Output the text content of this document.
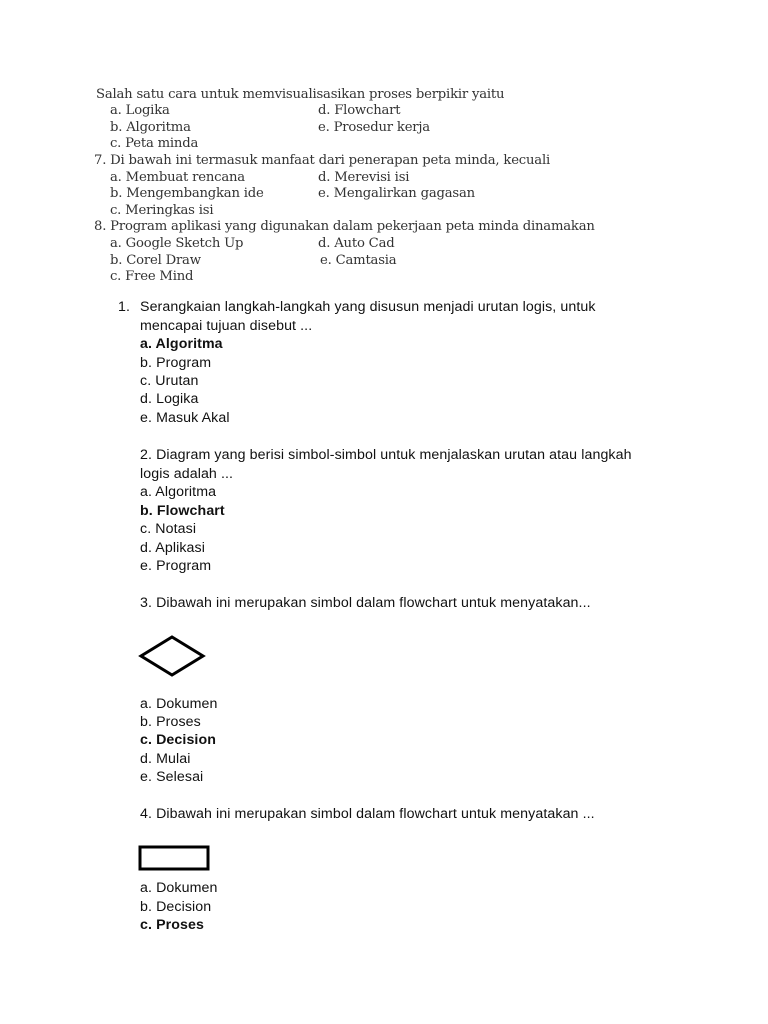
Salah satu cara untuk memvisualisasikan proses berpikir yaitu
a. Logika	d. Flowchart
b. Algoritma	e. Prosedur kerja
c. Peta minda
7. Di bawah ini termasuk manfaat dari penerapan peta minda, kecuali
a. Membuat rencana	d. Merevisi isi
b. Mengembangkan ide	e. Mengalirkan gagasan
c. Meringkas isi
8. Program aplikasi yang digunakan dalam pekerjaan peta minda dinamakan
a. Google Sketch Up	d. Auto Cad
b. Corel Draw	e. Camtasia
c. Free Mind
1. Serangkaian langkah-langkah yang disusun menjadi urutan logis, untuk
mencapai tujuan disebut ...
a. Algoritma
b. Program
c. Urutan
d. Logika
e. Masuk Akal
2. Diagram yang berisi simbol-simbol untuk menjalaskan urutan atau langkah
logis adalah ...
a. Algoritma
b. Flowchart
c. Notasi
d. Aplikasi
e. Program
3. Dibawah ini merupakan simbol dalam flowchart untuk menyatakan...
a. Dokumen
b. Proses
c. Decision
d. Mulai
e. Selesai
4. Dibawah ini merupakan simbol dalam flowchart untuk menyatakan ...
a. Dokumen
b. Decision
c. Proses
